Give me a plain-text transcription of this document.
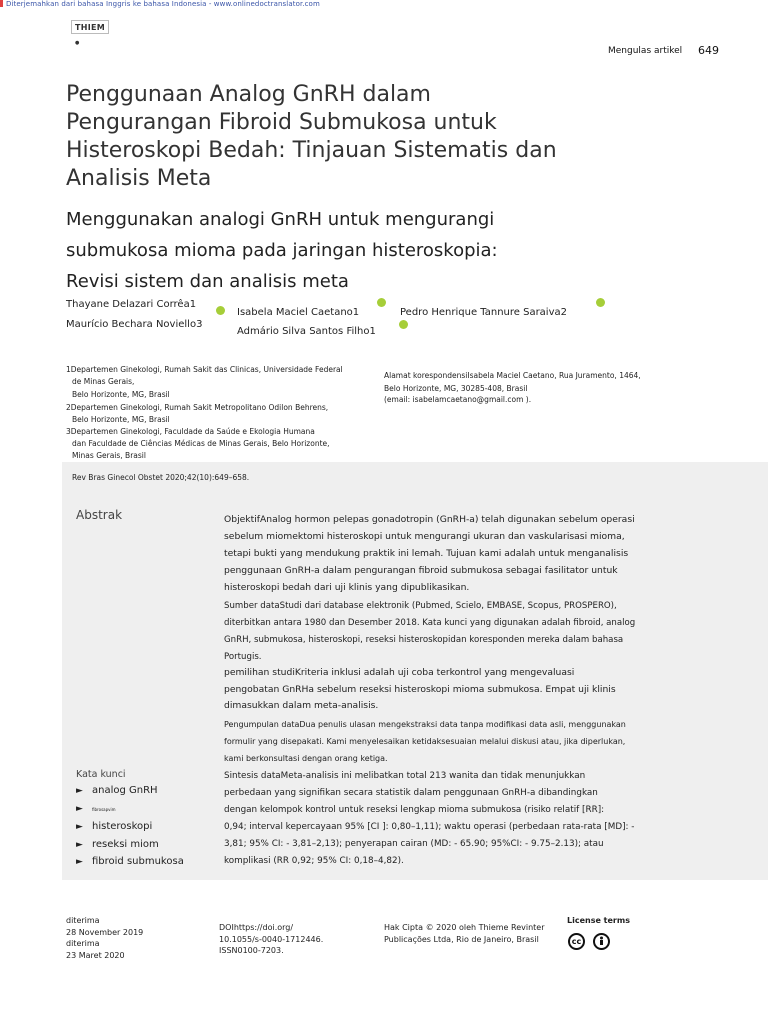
Diterjemahkan dari bahasa Inggris ke bahasa Indonesia - www.onlinedoctranslator.com
THIEM ●
Mengulas artikel 649
Penggunaan Analog GnRH dalam Pengurangan Fibroid Submukosa untuk Histeroskopi Bedah: Tinjauan Sistematis dan Analisis Meta
Menggunakan analogi GnRH untuk mengurangi submukosa mioma pada jaringan histeroskopia: Revisi sistem dan analisis meta
Thayane Delazari Corrêa1
Maurício Bechara Noviello3
Isabela Maciel Caetano1
Admário Silva Santos Filho1
Pedro Henrique Tannure Saraiva2
1Departemen Ginekologi, Rumah Sakit das Clinicas, Universidade Federal
de Minas Gerais,
Belo Horizonte, MG, Brasil
2Departemen Ginekologi, Rumah Sakit Metropolitano Odilon Behrens,
Belo Horizonte, MG, Brasil
3Departemen Ginekologi, Faculdade da Saúde e Ekologia Humana
dan Faculdade de Ciências Médicas de Minas Gerais, Belo Horizonte,
Minas Gerais, Brasil
Alamat korespondensiIsabela Maciel Caetano, Rua Juramento, 1464,
Belo Horizonte, MG, 30285-408, Brasil
(email: isabelamcaetano@gmail.com ).
Rev Bras Ginecol Obstet 2020;42(10):649–658.
Abstrak	ObjektifAnalog hormon pelepas gonadotropin (GnRH-a) telah digunakan sebelum operasi
sebelum miomektomi histeroskopi untuk mengurangi ukuran dan vaskularisasi mioma,
tetapi bukti yang mendukung praktik ini lemah. Tujuan kami adalah untuk menganalisis
penggunaan GnRH-a dalam pengurangan fibroid submukosa sebagai fasilitator untuk
histeroskopi bedah dari uji klinis yang dipublikasikan.
Sumber dataStudi dari database elektronik (Pubmed, Scielo, EMBASE, Scopus, PROSPERO),
diterbitkan antara 1980 dan Desember 2018. Kata kunci yang digunakan adalah fibroid, analog
GnRH, submukosa, histeroskopi, reseksi histeroskopidan koresponden mereka dalam bahasa
Portugis.
pemilihan studiKriteria inklusi adalah uji coba terkontrol yang mengevaluasi
pengobatan GnRHa sebelum reseksi histeroskopi mioma submukosa. Empat uji klinis
dimasukkan dalam meta-analisis.
Pengumpulan dataDua penulis ulasan mengekstraksi data tanpa modifikasi data asli, menggunakan
formulir yang disepakati. Kami menyelesaikan ketidaksesuaian melalui diskusi atau, jika diperlukan,
kami berkonsultasi dengan orang ketiga.
Sintesis dataMeta-analisis ini melibatkan total 213 wanita dan tidak menunjukkan
perbedaan yang signifikan secara statistik dalam penggunaan GnRH-a dibandingkan
dengan kelompok kontrol untuk reseksi lengkap mioma submukosa (risiko relatif [RR]:
0,94; interval kepercayaan 95% [CI ]: 0,80–1,11); waktu operasi (perbedaan rata-rata [MD]: -
3,81; 95% CI: - 3,81–2,13); penyerapan cairan (MD: - 65.90; 95%CI: - 9.75–2.13); atau
komplikasi (RR 0,92; 95% CI: 0,18–4,82).
Kata kunci
► analog GnRH
► fibrosapvim
► histeroskopi
► reseksi miom
► fibroid submukosa
diterima
28 November 2019
diterima
23 Maret 2020
DOIhttps://doi.org/
10.1055/s-0040-1712446.
ISSN0100-7203.
Hak Cipta © 2020 oleh Thieme Revinter
Publicações Ltda, Rio de Janeiro, Brasil
License terms
cc
